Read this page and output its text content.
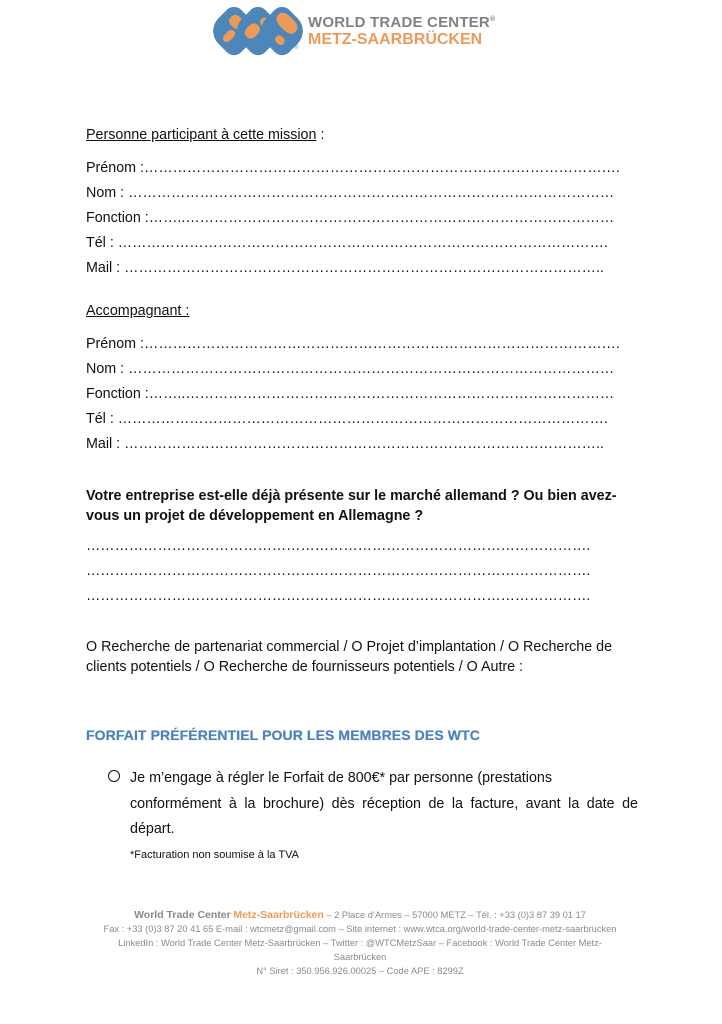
®
WORLD TRADE CENTER®
METZ-SAARBRÜCKEN
Personne participant à cette mission :
Prénom :……………………………………………………………………………………….
Nom : …………………………………………………………………………………………
Fonction :……..………………………………………………………………………………
Tél : ………………………………………………………………………………………….
Mail : ………………………………………………………………………………………..
Accompagnant :
Prénom :……………………………………………………………………………………….
Nom : …………………………………………………………………………………………
Fonction :……..………………………………………………………………………………
Tél : ………………………………………………………………………………………….
Mail : ………………………………………………………………………………………..
Votre entreprise est-elle déjà présente sur le marché allemand ? Ou bien avez-vous un projet de développement en Allemagne ?
…………………………………………………………………………………………….
…………………………………………………………………………………………….
…………………………………………………………………………………………….
O Recherche de partenariat commercial / O Projet d’implantation / O Recherche de clients potentiels / O Recherche de fournisseurs potentiels / O Autre :
FORFAIT PRÉFÉRENTIEL POUR LES MEMBRES DES WTC
Je m’engage à régler le Forfait de 800€* par personne (prestations
conformément à la brochure) dès réception de la facture, avant la date de départ.
*Facturation non soumise à la TVA
World Trade Center Metz-Saarbrücken – 2 Place d’Armes – 57000 METZ – Tél. : +33 (0)3 87 39 01 17
Fax : +33 (0)3 87 20 41 65 E-mail : wtcmetz@gmail.com – Site internet : www.wtca.org/world-trade-center-metz-saarbrucken
LinkedIn : World Trade Center Metz-Saarbrücken – Twitter : @WTCMetzSaar – Facebook : World Trade Center Metz-Saarbrücken
N° Siret : 350.956.926.00025 – Code APE : 8299Z
